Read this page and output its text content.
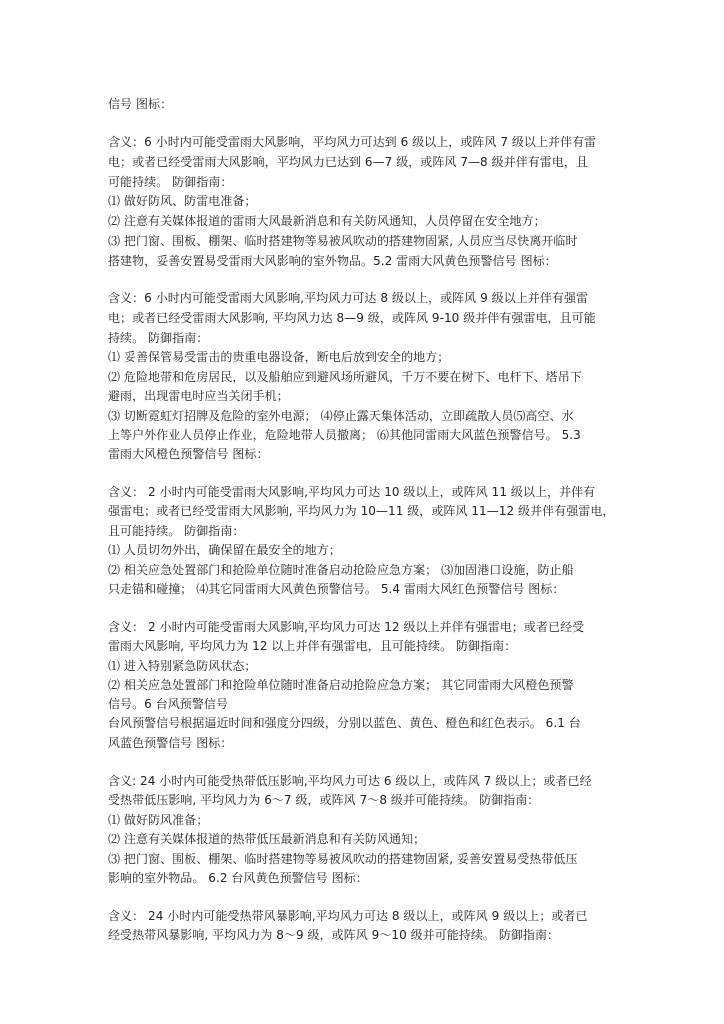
信号 图标：
含义：6 小时内可能受雷雨大风影响，平均风力可达到 6 级以上，或阵风 7 级以上并伴有雷
电；或者已经受雷雨大风影响，平均风力已达到 6—7 级，或阵风 7—8 级并伴有雷电，且
可能持续。 防御指南：
⑴ 做好防风、防雷电准备；
⑵ 注意有关媒体报道的雷雨大风最新消息和有关防风通知，人员停留在安全地方；
⑶ 把门窗、围板、棚架、临时搭建物等易被风吹动的搭建物固紧, 人员应当尽快离开临时
搭建物，妥善安置易受雷雨大风影响的室外物品。5.2 雷雨大风黄色预警信号 图标：
含义：6 小时内可能受雷雨大风影响,平均风力可达 8 级以上，或阵风 9 级以上并伴有强雷
电；或者已经受雷雨大风影响, 平均风力达 8—9 级，或阵风 9-10 级并伴有强雷电，且可能
持续。 防御指南：
⑴ 妥善保管易受雷击的贵重电器设备，断电后放到安全的地方；
⑵ 危险地带和危房居民，以及船舶应到避风场所避风，千万不要在树下、电杆下、塔吊下
避雨，出现雷电时应当关闭手机；
⑶ 切断霓虹灯招牌及危险的室外电源； ⑷停止露天集体活动，立即疏散人员⑸高空、水
上等户外作业人员停止作业，危险地带人员撤离； ⑹其他同雷雨大风蓝色预警信号。 5.3
雷雨大风橙色预警信号 图标：
含义： 2 小时内可能受雷雨大风影响,平均风力可达 10 级以上，或阵风 11 级以上，并伴有
强雷电；或者已经受雷雨大风影响, 平均风力为 10—11 级，或阵风 11—12 级并伴有强雷电，
且可能持续。 防御指南：
⑴ 人员切勿外出，确保留在最安全的地方；
⑵ 相关应急处置部门和抢险单位随时准备启动抢险应急方案； ⑶加固港口设施，防止船
只走锚和碰撞； ⑷其它同雷雨大风黄色预警信号。 5.4 雷雨大风红色预警信号 图标：
含义： 2 小时内可能受雷雨大风影响,平均风力可达 12 级以上并伴有强雷电；或者已经受
雷雨大风影响, 平均风力为 12 以上并伴有强雷电，且可能持续。 防御指南：
⑴ 进入特别紧急防风状态；
⑵ 相关应急处置部门和抢险单位随时准备启动抢险应急方案； 其它同雷雨大风橙色预警
信号。6 台风预警信号
台风预警信号根据逼近时间和强度分四级，分别以蓝色、黄色、橙色和红色表示。 6.1 台
风蓝色预警信号 图标：
含义: 24 小时内可能受热带低压影响,平均风力可达 6 级以上，或阵风 7 级以上；或者已经
受热带低压影响, 平均风力为 6～7 级，或阵风 7～8 级并可能持续。 防御指南：
⑴ 做好防风准备；
⑵ 注意有关媒体报道的热带低压最新消息和有关防风通知；
⑶ 把门窗、围板、棚架、临时搭建物等易被风吹动的搭建物固紧, 妥善安置易受热带低压
影响的室外物品。 6.2 台风黄色预警信号 图标：
含义： 24 小时内可能受热带风暴影响,平均风力可达 8 级以上，或阵风 9 级以上；或者已
经受热带风暴影响, 平均风力为 8～9 级，或阵风 9～10 级并可能持续。 防御指南：
